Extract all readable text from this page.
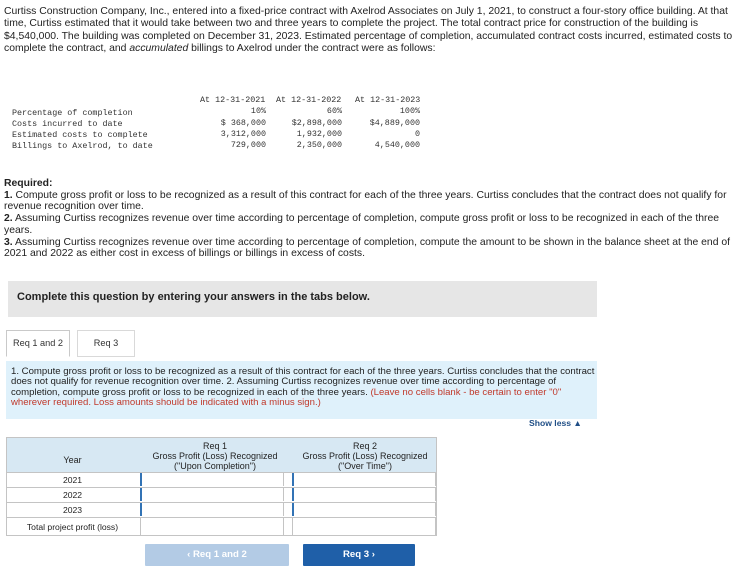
Curtiss Construction Company, Inc., entered into a fixed-price contract with Axelrod Associates on July 1, 2021, to construct a four-story office building. At that time, Curtiss estimated that it would take between two and three years to complete the project. The total contract price for construction of the building is $4,540,000. The building was completed on December 31, 2023. Estimated percentage of completion, accumulated contract costs incurred, estimated costs to complete the contract, and accumulated billings to Axelrod under the contract were as follows:
At 12-31-2021 At 12-31-2022 At 12-31-2023
Percentage of completion	10%	60%	100%
Costs incurred to date	$ 368,000	$2,898,000	$4,889,000
Estimated costs to complete	3,312,000	1,932,000	0
Billings to Axelrod, to date	729,000	2,350,000	4,540,000
Required:
1. Compute gross profit or loss to be recognized as a result of this contract for each of the three years. Curtiss concludes that the contract does not qualify for revenue recognition over time.
2. Assuming Curtiss recognizes revenue over time according to percentage of completion, compute gross profit or loss to be recognized in each of the three years.
3. Assuming Curtiss recognizes revenue over time according to percentage of completion, compute the amount to be shown in the balance sheet at the end of 2021 and 2022 as either cost in excess of billings or billings in excess of costs.
Complete this question by entering your answers in the tabs below.
Req 1 and 2	Req 3
1. Compute gross profit or loss to be recognized as a result of this contract for each of the three years. Curtiss concludes that the contract does not qualify for revenue recognition over time. 2. Assuming Curtiss recognizes revenue over time according to percentage of completion, compute gross profit or loss to be recognized in each of the three years. (Leave no cells blank - be certain to enter "0" wherever required. Loss amounts should be indicated with a minus sign.)
Show less ▲
Year
Req 1
Gross Profit (Loss) Recognized
("Upon Completion")
Req 2
Gross Profit (Loss) Recognized
("Over Time")
2021
2022
2023
Total project profit (loss)
‹ Req 1 and 2	Req 3 ›
